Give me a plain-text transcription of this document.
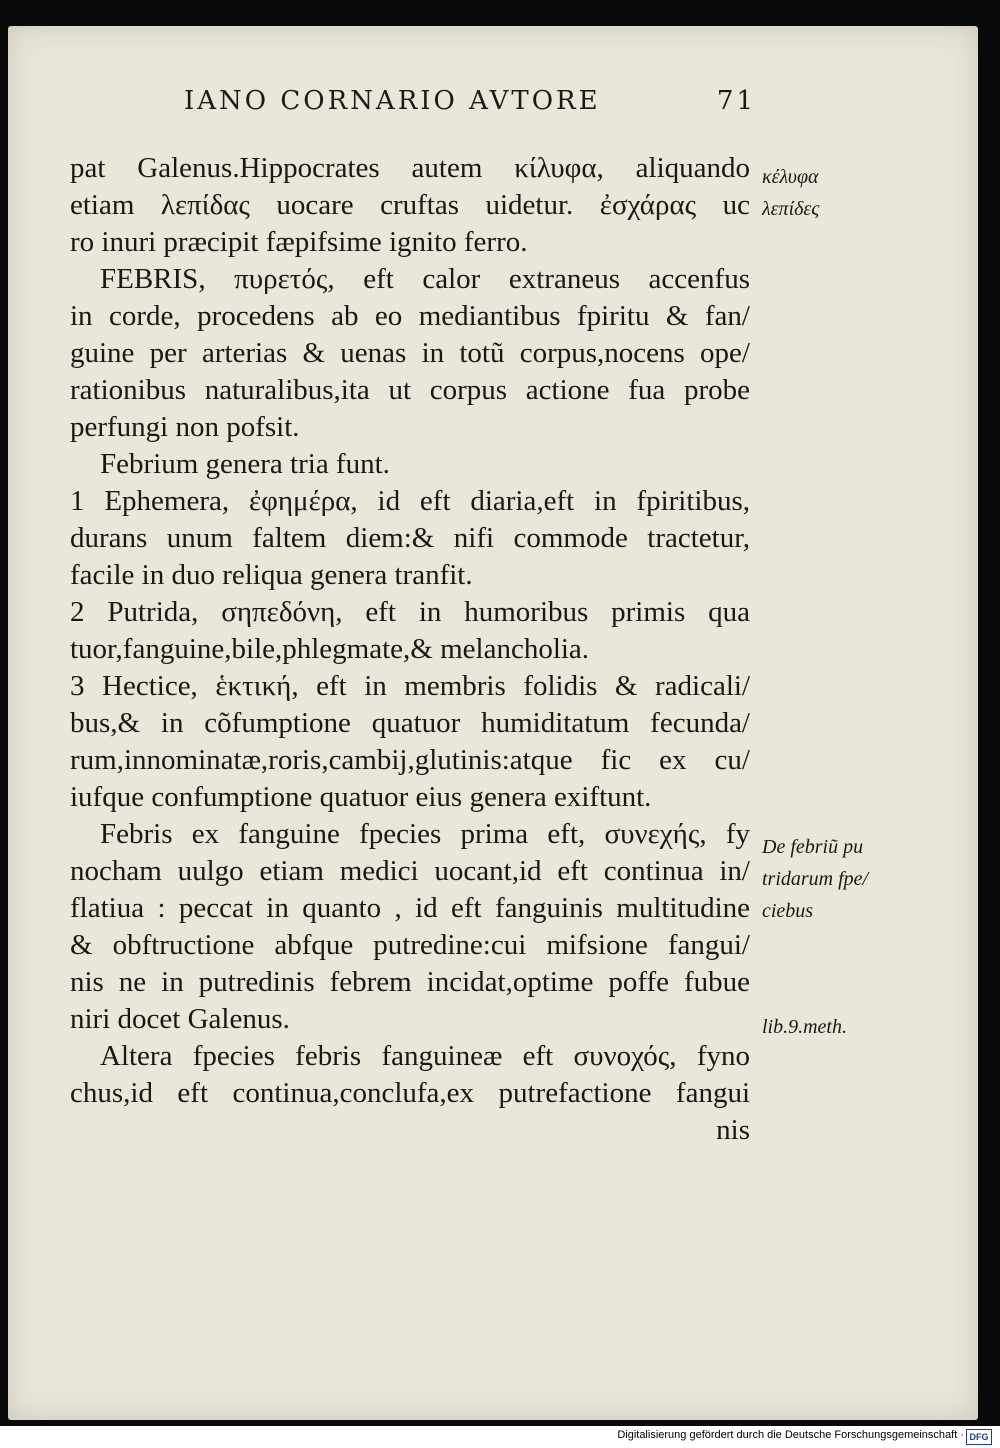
IANO CORNARIO AVTORE	71
pat Galenus.Hippocrates autem κίλυφα, aliquando
etiam λεπίδας uocare cruftas uidetur. ἐσχάρας uc
ro inuri præcipit fæpifsime ignito ferro.
FEBRIS, πυρετός, eft calor extraneus accenfus
in corde, procedens ab eo mediantibus fpiritu & fan/
guine per arterias & uenas in totũ corpus,nocens ope/
rationibus naturalibus,ita ut corpus actione fua probe
perfungi non pofsit.
Febrium genera tria funt.
1 Ephemera, ἐφημέρα, id eft diaria,eft in fpiritibus,
durans unum faltem diem:& nifi commode tractetur,
facile in duo reliqua genera tranfit.
2 Putrida, σηπεδόνη, eft in humoribus primis qua
tuor,fanguine,bile,phlegmate,& melancholia.
3 Hectice, ἑκτική, eft in membris folidis & radicali/
bus,& in cõfumptione quatuor humiditatum fecunda/
rum,innominatæ,roris,cambij,glutinis:atque fic ex cu/
iufque confumptione quatuor eius genera exiftunt.
Febris ex fanguine fpecies prima eft, συνεχής, fy
nocham uulgo etiam medici uocant,id eft continua in/
flatiua : peccat in quanto , id eft fanguinis multitudine
& obftructione abfque putredine:cui mifsione fangui/
nis ne in putredinis febrem incidat,optime poffe fubue
niri docet Galenus.
Altera fpecies febris fanguineæ eft συνοχός, fyno
chus,id eft continua,conclufa,ex putrefactione fangui
nis
κέλυφα
λεπίδες
De febriũ pu
tridarum fpe/
ciebus
lib.9.meth.
Digitalisierung gefördert durch die Deutsche Forschungsgemeinschaft · DFG
